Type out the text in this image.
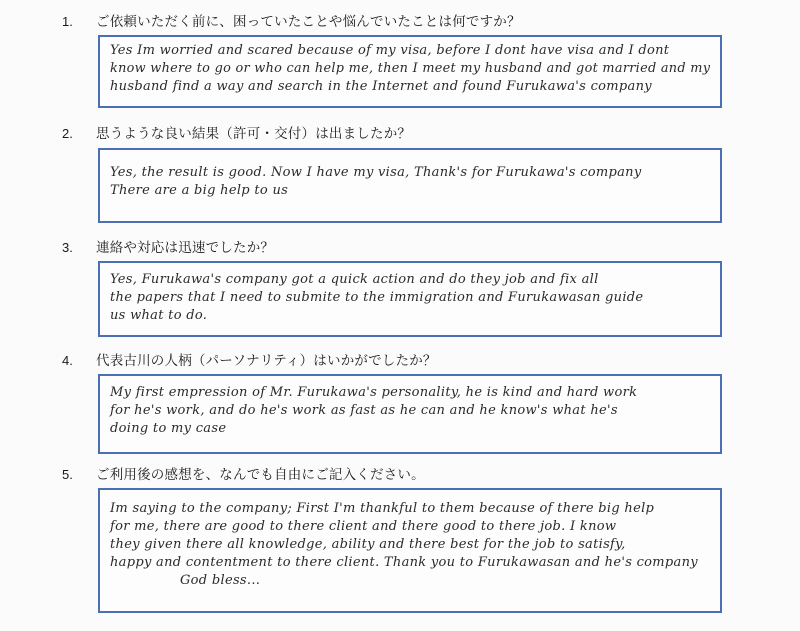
1. ご依頼いただく前に、困っていたことや悩んでいたことは何ですか？
Yes Im worried and scared because of my visa, before I dont have visa and I dont
know where to go or who can help me, then I meet my husband and got married and my
husband find a way and search in the Internet and found Furukawa's company
2. 思うような良い結果（許可・交付）は出ましたか？
Yes, the result is good. Now I have my visa, Thank's for Furukawa's company
There are a big help to us
3. 連絡や対応は迅速でしたか？
Yes, Furukawa's company got a quick action and do they job and fix all
the papers that I need to submite to the immigration and Furukawasan guide
us what to do.
4. 代表古川の人柄（パーソナリティ）はいかがでしたか？
My first empression of Mr. Furukawa's personality, he is kind and hard work
for he's work, and do he's work as fast as he can and he know's what he's
doing to my case
5. ご利用後の感想を、なんでも自由にご記入ください。
Im saying to the company; First I'm thankful to them because of there big help
for me, there are good to there client and there good to there job. I know
they given there all knowledge, ability and there best for the job to satisfy,
happy and contentment to there client. Thank you to Furukawasan and he's company
God bless...
